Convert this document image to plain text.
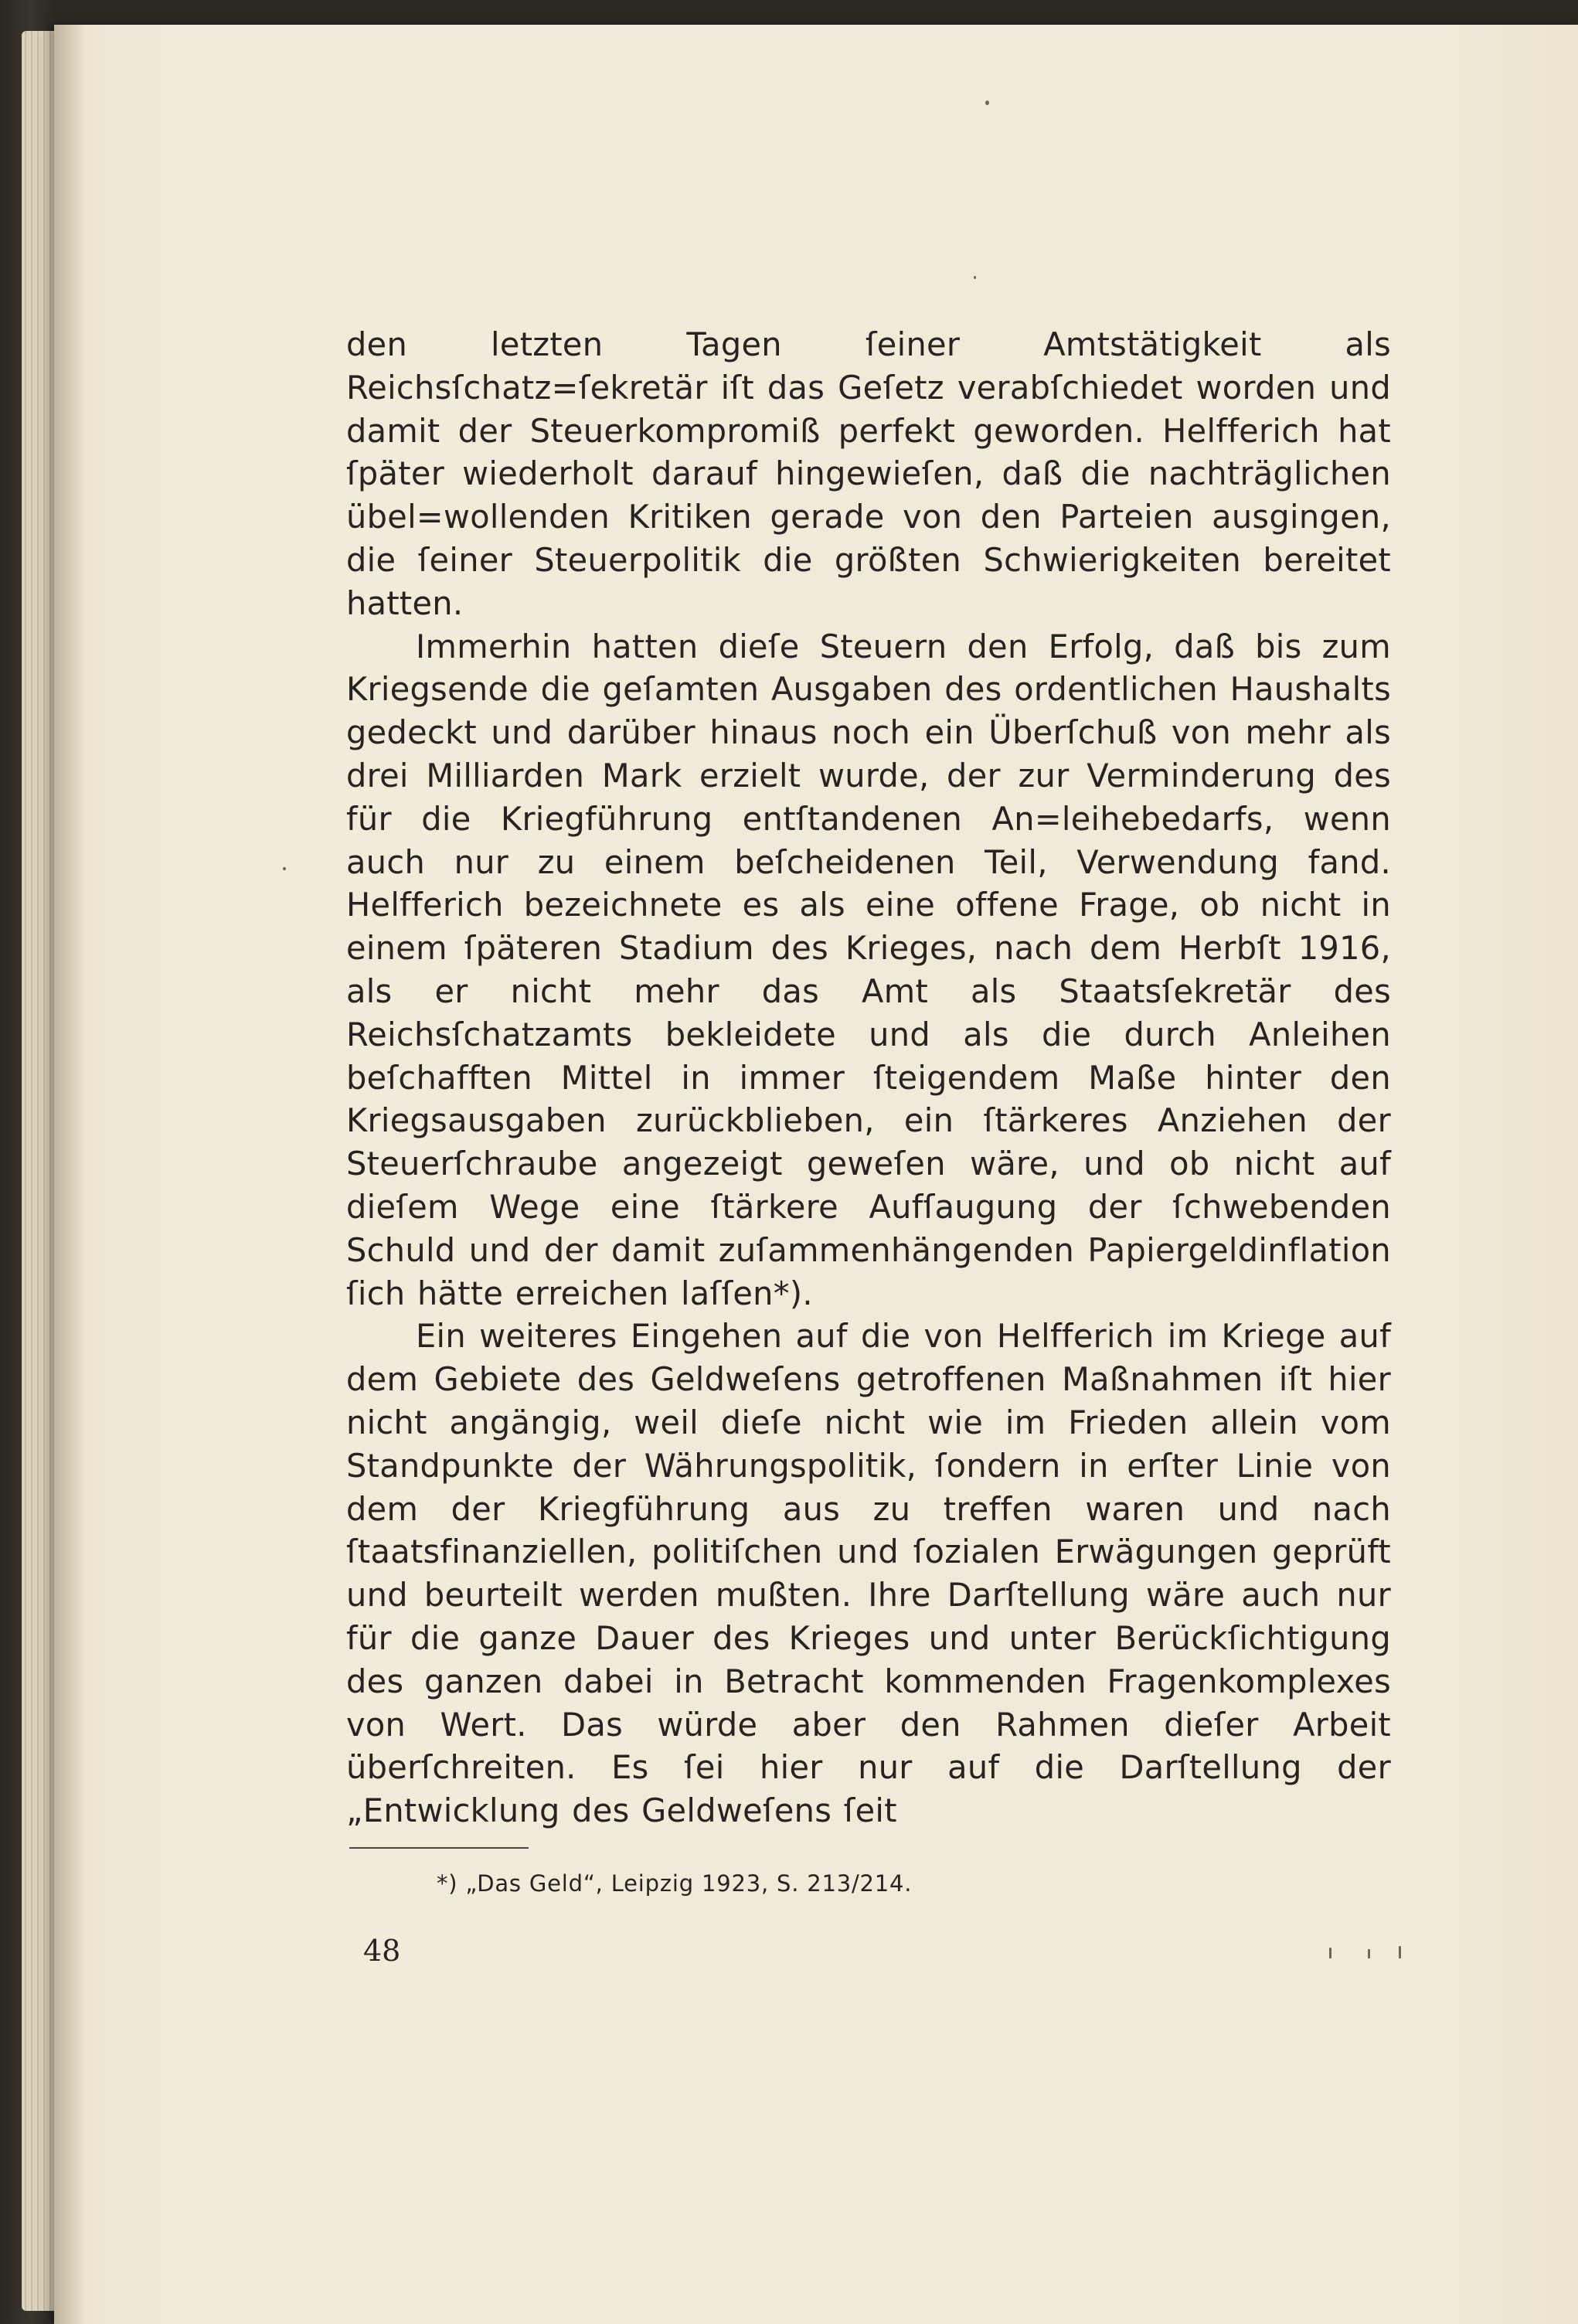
den letzten Tagen ſeiner Amtstätigkeit als Reichsſchatz=ſekretär iſt das Geſetz verabſchiedet worden und damit der Steuerkompromiß perfekt geworden. Helfferich hat ſpäter wiederholt darauf hingewieſen, daß die nachträglichen übel=wollenden Kritiken gerade von den Parteien ausgingen, die ſeiner Steuerpolitik die größten Schwierigkeiten bereitet hatten.

Immerhin hatten dieſe Steuern den Erfolg, daß bis zum Kriegsende die geſamten Ausgaben des ordentlichen Haushalts gedeckt und darüber hinaus noch ein Überſchuß von mehr als drei Milliarden Mark erzielt wurde, der zur Verminderung des für die Kriegführung entſtandenen An=leihebedarfs, wenn auch nur zu einem beſcheidenen Teil, Verwendung fand. Helfferich bezeichnete es als eine offene Frage, ob nicht in einem ſpäteren Stadium des Krieges, nach dem Herbſt 1916, als er nicht mehr das Amt als Staatsſekretär des Reichsſchatzamts bekleidete und als die durch Anleihen beſchafften Mittel in immer ſteigendem Maße hinter den Kriegsausgaben zurückblieben, ein ſtärkeres Anziehen der Steuerſchraube angezeigt geweſen wäre, und ob nicht auf dieſem Wege eine ſtärkere Aufſaugung der ſchwebenden Schuld und der damit zuſammenhängenden Papiergeldinflation ſich hätte erreichen laſſen*).

Ein weiteres Eingehen auf die von Helfferich im Kriege auf dem Gebiete des Geldweſens getroffenen Maßnahmen iſt hier nicht angängig, weil dieſe nicht wie im Frieden allein vom Standpunkte der Währungspolitik, ſondern in erſter Linie von dem der Kriegführung aus zu treffen waren und nach ſtaatsfinanziellen, politiſchen und ſozialen Erwägungen geprüft und beurteilt werden mußten. Ihre Darſtellung wäre auch nur für die ganze Dauer des Krieges und unter Berückſichtigung des ganzen dabei in Betracht kommenden Fragenkomplexes von Wert. Das würde aber den Rahmen dieſer Arbeit überſchreiten. Es ſei hier nur auf die Darſtellung der „Entwicklung des Geldweſens ſeit

*) „Das Geld“, Leipzig 1923, S. 213/214.
48
